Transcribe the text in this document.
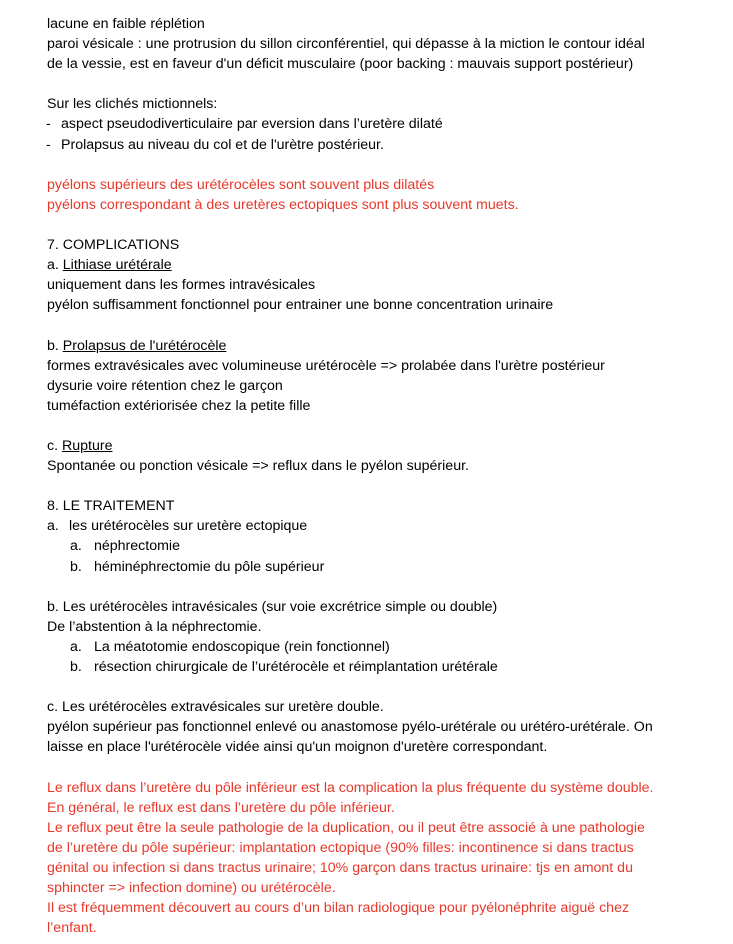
lacune en faible réplétion
paroi vésicale : une protrusion du sillon circonférentiel, qui dépasse à la miction le contour idéal
de la vessie, est en faveur d'un déficit musculaire (poor backing : mauvais support postérieur)
Sur les clichés mictionnels:
- aspect pseudodiverticulaire par eversion dans l’uretère dilaté
- Prolapsus au niveau du col et de l'urètre postérieur.
pyélons supérieurs des urétérocèles sont souvent plus dilatés
pyélons correspondant à des uretères ectopiques sont plus souvent muets.
7. COMPLICATIONS
a. Lithiase urétérale
uniquement dans les formes intravésicales
pyélon suffisamment fonctionnel pour entrainer une bonne concentration urinaire
b. Prolapsus de l'urétérocèle
formes extravésicales avec volumineuse urétérocèle => prolabée dans l'urètre postérieur
dysurie voire rétention chez le garçon
tuméfaction extériorisée chez la petite fille
c. Rupture
Spontanée ou ponction vésicale => reflux dans le pyélon supérieur.
8. LE TRAITEMENT
a. les urétérocèles sur uretère ectopique
a. néphrectomie
b. héminéphrectomie du pôle supérieur
b. Les urétérocèles intravésicales (sur voie excrétrice simple ou double)
De l’abstention à la néphrectomie.
a. La méatotomie endoscopique (rein fonctionnel)
b. résection chirurgicale de l’urétérocèle et réimplantation urétérale
c. Les urétérocèles extravésicales sur uretère double.
pyélon supérieur pas fonctionnel enlevé ou anastomose pyélo-urétérale ou urétéro-urétérale. On
laisse en place l'urétérocèle vidée ainsi qu'un moignon d'uretère correspondant.
Le reflux dans l’uretère du pôle inférieur est la complication la plus fréquente du système double.
En général, le reflux est dans l’uretère du pôle inférieur.
Le reflux peut être la seule pathologie de la duplication, ou il peut être associé à une pathologie
de l’uretère du pôle supérieur: implantation ectopique (90% filles: incontinence si dans tractus
génital ou infection si dans tractus urinaire; 10% garçon dans tractus urinaire: tjs en amont du
sphincter => infection domine) ou urétérocèle.
Il est fréquemment découvert au cours d’un bilan radiologique pour pyélonéphrite aiguë chez
l’enfant.
